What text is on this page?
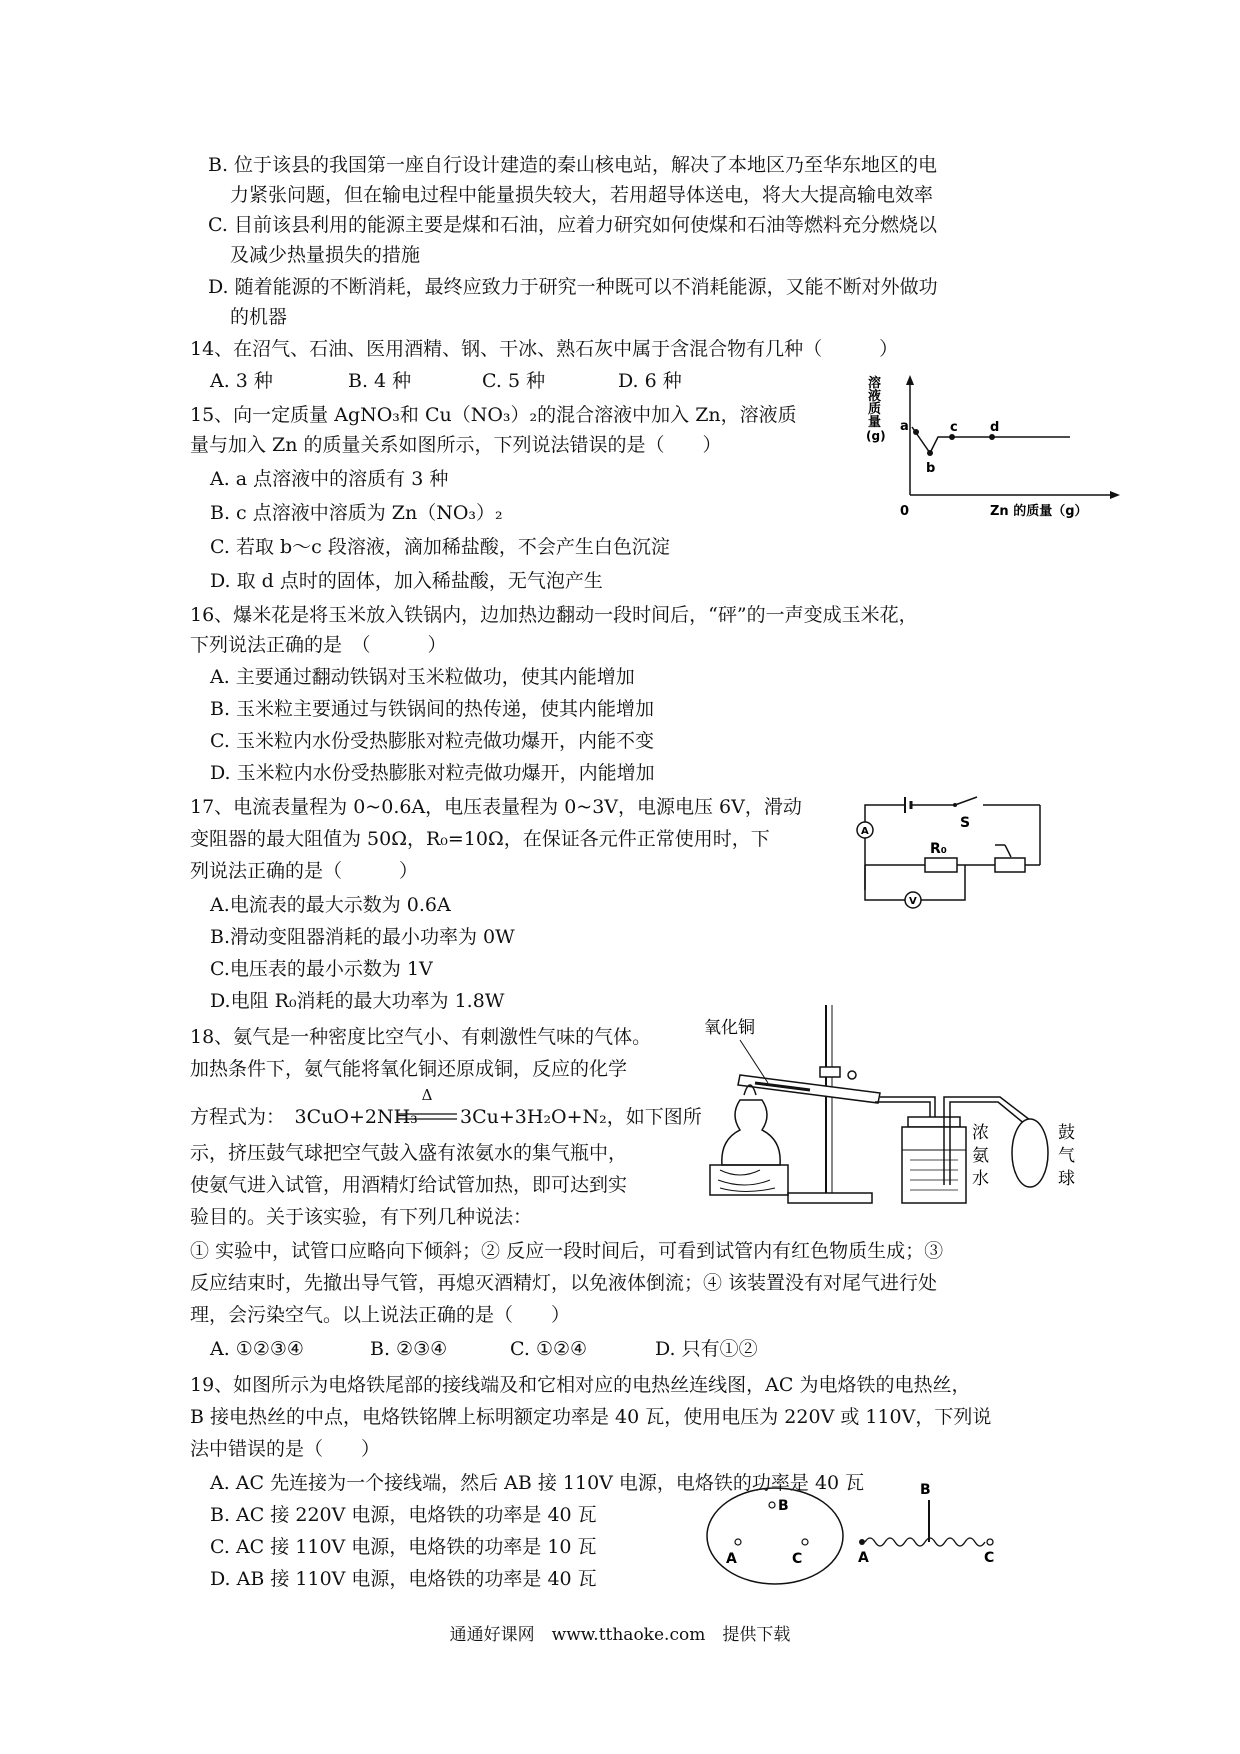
B. 位于该县的我国第一座自行设计建造的秦山核电站，解决了本地区乃至华东地区的电
力紧张问题，但在输电过程中能量损失较大，若用超导体送电，将大大提高输电效率
C. 目前该县利用的能源主要是煤和石油，应着力研究如何使煤和石油等燃料充分燃烧以
及减少热量损失的措施
D. 随着能源的不断消耗，最终应致力于研究一种既可以不消耗能源，又能不断对外做功
的机器
14、在沼气、石油、医用酒精、钢、干冰、熟石灰中属于含混合物有几种（　　　）
A. 3 种	B. 4 种	C. 5 种	D. 6 种
15、向一定质量 AgNO₃和 Cu（NO₃）₂的混合溶液中加入 Zn，溶液质
量与加入 Zn 的质量关系如图所示，下列说法错误的是（　　）
A. a 点溶液中的溶质有 3 种
B. c 点溶液中溶质为 Zn（NO₃）₂
C. 若取 b～c 段溶液，滴加稀盐酸，不会产生白色沉淀
D. 取 d 点时的固体，加入稀盐酸，无气泡产生
溶
液
质
量
(g)
0	Zn 的质量（g）
a
b
c d
16、爆米花是将玉米放入铁锅内，边加热边翻动一段时间后，“砰”的一声变成玉米花，
下列说法正确的是　（　　　）
A. 主要通过翻动铁锅对玉米粒做功，使其内能增加
B. 玉米粒主要通过与铁锅间的热传递，使其内能增加
C. 玉米粒内水份受热膨胀对粒壳做功爆开，内能不变
D. 玉米粒内水份受热膨胀对粒壳做功爆开，内能增加
17、电流表量程为 0~0.6A，电压表量程为 0~3V，电源电压 6V，滑动
变阻器的最大阻值为 50Ω，R₀=10Ω，在保证各元件正常使用时，下
列说法正确的是（　　　）
A.电流表的最大示数为 0.6A
B.滑动变阻器消耗的最小功率为 0W
C.电压表的最小示数为 1V
D.电阻 R₀消耗的最大功率为 1.8W
S
R₀
A
V
18、氨气是一种密度比空气小、有刺激性气味的气体。
加热条件下，氨气能将氧化铜还原成铜，反应的化学
方程式为：　3CuO+2NH₃
Δ
3Cu+3H₂O+N₂，如下图所
示，挤压鼓气球把空气鼓入盛有浓氨水的集气瓶中，
使氨气进入试管，用酒精灯给试管加热，即可达到实
验目的。关于该实验，有下列几种说法：
① 实验中，试管口应略向下倾斜；② 反应一段时间后，可看到试管内有红色物质生成；③
反应结束时，先撤出导气管，再熄灭酒精灯，以免液体倒流；④ 该装置没有对尾气进行处
理，会污染空气。以上说法正确的是（　　）
A. ①②③④	B. ②③④	C. ①②④	D. 只有①②
氧化铜
浓
氨
水
鼓
气
球
19、如图所示为电烙铁尾部的接线端及和它相对应的电热丝连线图，AC 为电烙铁的电热丝，
B 接电热丝的中点，电烙铁铭牌上标明额定功率是 40 瓦，使用电压为 220V 或 110V，下列说
法中错误的是（　　）
A. AC 先连接为一个接线端，然后 AB 接 110V 电源，电烙铁的功率是 40 瓦
B. AC 接 220V 电源，电烙铁的功率是 40 瓦
C. AC 接 110V 电源，电烙铁的功率是 10 瓦
D. AB 接 110V 电源，电烙铁的功率是 40 瓦
B
A	C	A
B
C
通通好课网　www.tthaoke.com　提供下载
